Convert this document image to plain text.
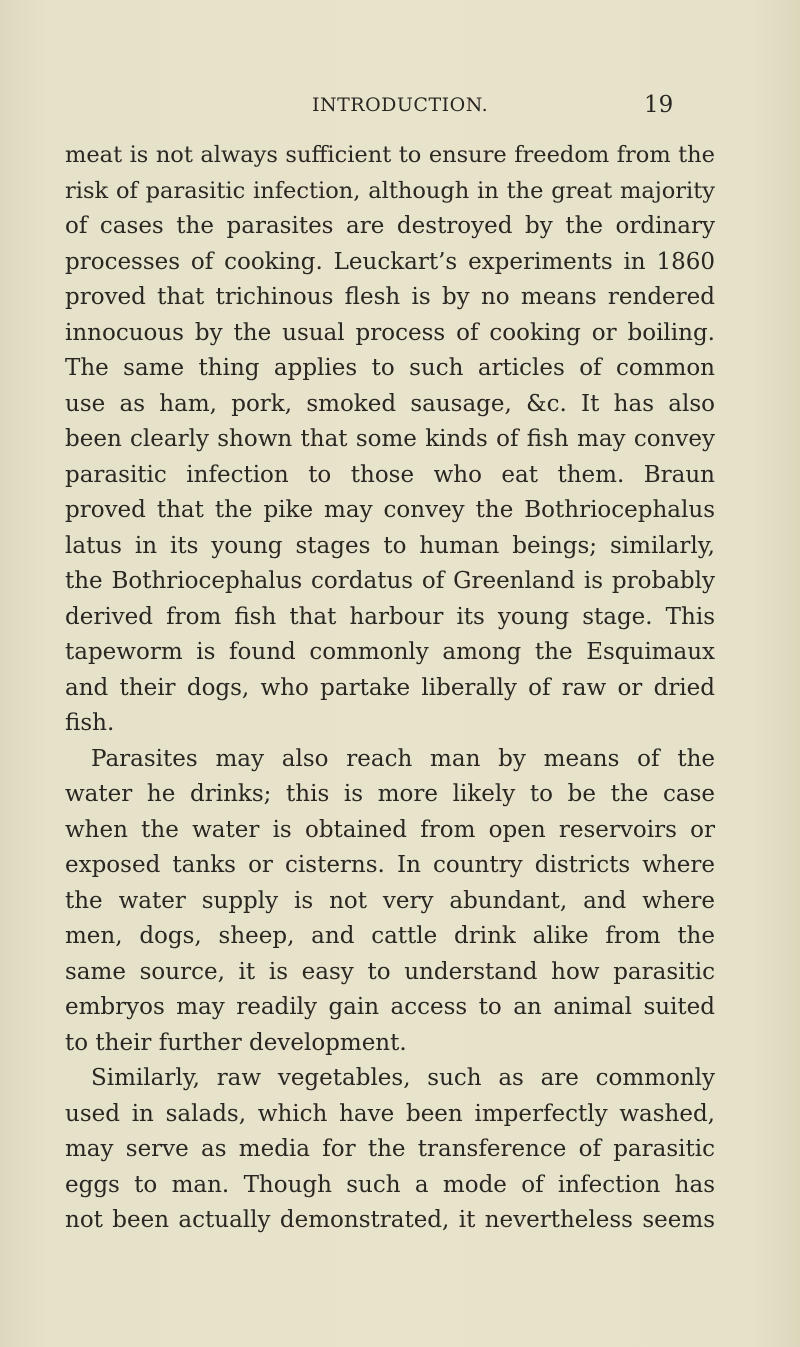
INTRODUCTION.	19
meat is not always sufficient to ensure freedom from the
risk of parasitic infection, although in the great majority
of cases the parasites are destroyed by the ordinary
processes of cooking. Leuckart’s experiments in 1860
proved that trichinous flesh is by no means rendered
innocuous by the usual process of cooking or boiling.
The same thing applies to such articles of common
use as ham, pork, smoked sausage, &c. It has also
been clearly shown that some kinds of fish may convey
parasitic infection to those who eat them. Braun
proved that the pike may convey the Bothriocephalus
latus in its young stages to human beings; similarly,
the Bothriocephalus cordatus of Greenland is probably
derived from fish that harbour its young stage. This
tapeworm is found commonly among the Esquimaux
and their dogs, who partake liberally of raw or dried
fish.
Parasites may also reach man by means of the
water he drinks; this is more likely to be the case
when the water is obtained from open reservoirs or
exposed tanks or cisterns. In country districts where
the water supply is not very abundant, and where
men, dogs, sheep, and cattle drink alike from the
same source, it is easy to understand how parasitic
embryos may readily gain access to an animal suited
to their further development.
Similarly, raw vegetables, such as are commonly
used in salads, which have been imperfectly washed,
may serve as media for the transference of parasitic
eggs to man. Though such a mode of infection has
not been actually demonstrated, it nevertheless seems
